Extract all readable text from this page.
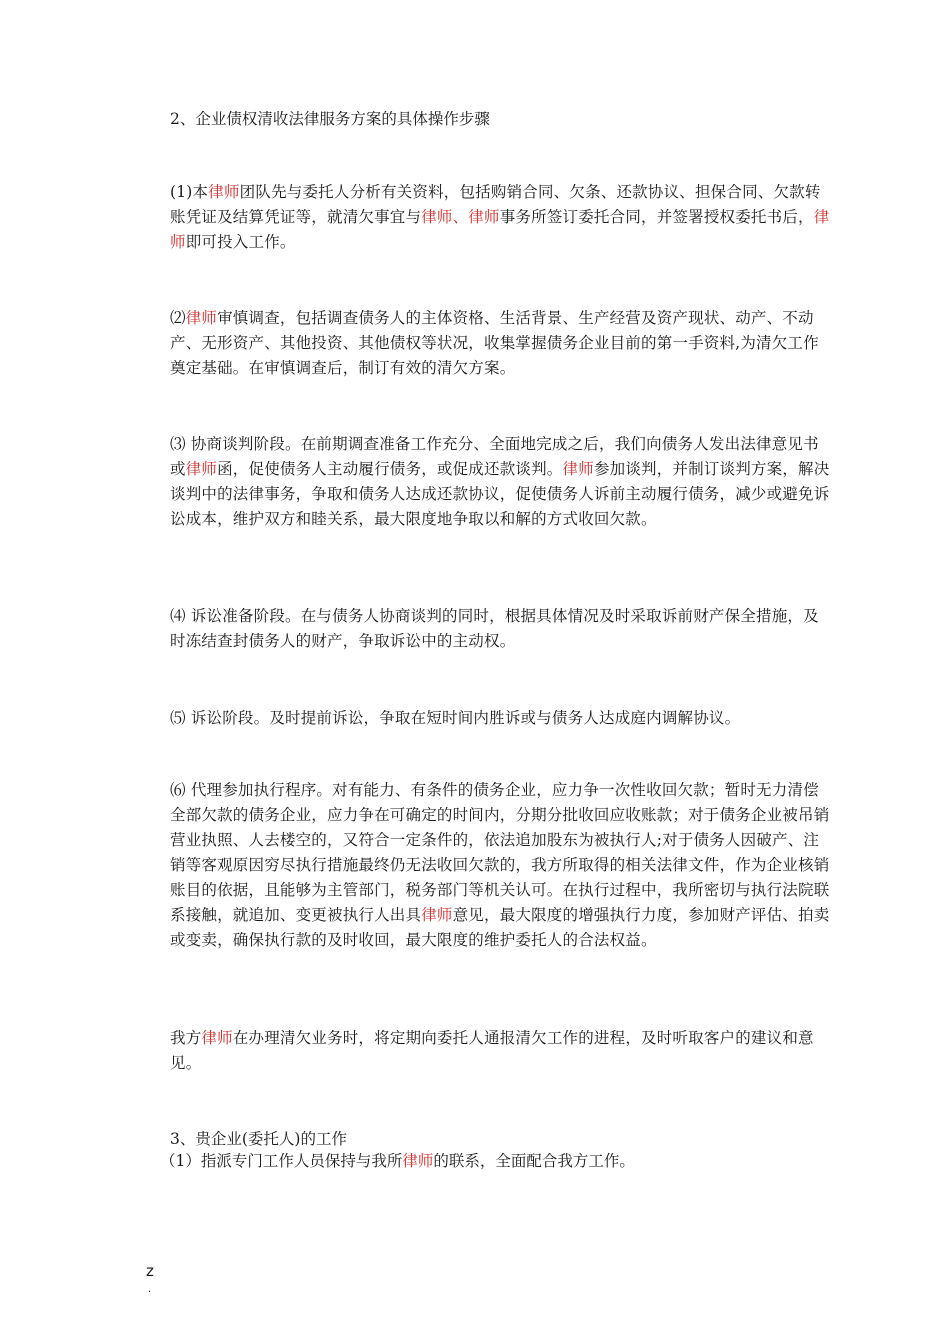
2、企业债权清收法律服务方案的具体操作步骤

(1)本律师团队先与委托人分析有关资料，包括购销合同、欠条、还款协议、担保合同、欠款转账凭证及结算凭证等，就清欠事宜与律师、律师事务所签订委托合同，并签署授权委托书后，律师即可投入工作。

⑵律师审慎调查，包括调查债务人的主体资格、生活背景、生产经营及资产现状、动产、不动产、无形资产、其他投资、其他债权等状况，收集掌握债务企业目前的第一手资料,为清欠工作奠定基础。在审慎调查后，制订有效的清欠方案。

⑶ 协商谈判阶段。在前期调查准备工作充分、全面地完成之后，我们向债务人发出法律意见书或律师函，促使债务人主动履行债务，或促成还款谈判。律师参加谈判，并制订谈判方案，解决谈判中的法律事务，争取和债务人达成还款协议，促使债务人诉前主动履行债务，减少或避免诉讼成本，维护双方和睦关系，最大限度地争取以和解的方式收回欠款。

⑷ 诉讼准备阶段。在与债务人协商谈判的同时，根据具体情况及时采取诉前财产保全措施，及时冻结查封债务人的财产，争取诉讼中的主动权。

⑸ 诉讼阶段。及时提前诉讼，争取在短时间内胜诉或与债务人达成庭内调解协议。

⑹ 代理参加执行程序。对有能力、有条件的债务企业，应力争一次性收回欠款；暂时无力清偿全部欠款的债务企业，应力争在可确定的时间内，分期分批收回应收账款；对于债务企业被吊销营业执照、人去楼空的，又符合一定条件的，依法追加股东为被执行人;对于债务人因破产、注销等客观原因穷尽执行措施最终仍无法收回欠款的，我方所取得的相关法律文件，作为企业核销账目的依据，且能够为主管部门，税务部门等机关认可。在执行过程中，我所密切与执行法院联系接触，就追加、变更被执行人出具律师意见，最大限度的增强执行力度，参加财产评估、拍卖或变卖，确保执行款的及时收回，最大限度的维护委托人的合法权益。

我方律师在办理清欠业务时，将定期向委托人通报清欠工作的进程，及时听取客户的建议和意见。

3、贵企业(委托人)的工作

（1）指派专门工作人员保持与我所律师的联系，全面配合我方工作。

z
.
